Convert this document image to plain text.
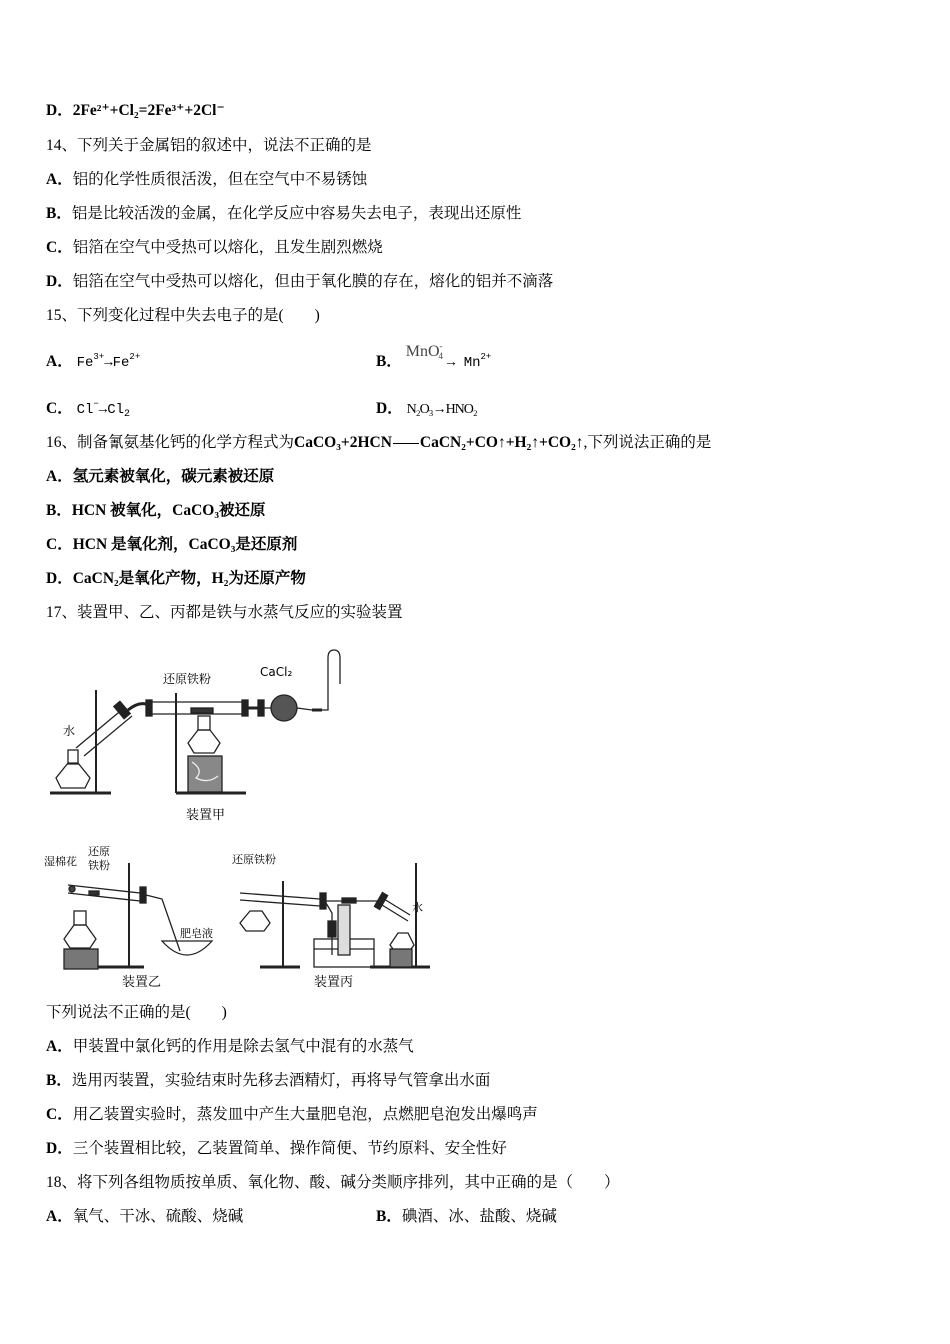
D．2Fe²⁺+Cl₂=2Fe³⁺+2Cl⁻
14、下列关于金属铝的叙述中，说法不正确的是
A．铝的化学性质很活泼，但在空气中不易锈蚀
B．铝是比较活泼的金属，在化学反应中容易失去电子，表现出还原性
C．铝箔在空气中受热可以熔化，且发生剧烈燃烧
D．铝箔在空气中受热可以熔化，但由于氧化膜的存在，熔化的铝并不滴落
15、下列变化过程中失去电子的是(　　)
A． $Fe^{3+}\to Fe^{2+}$	B． $MnO^-_4 \to Mn^{2+}$
C． $Cl^-\to Cl_2$	D． N₂O₃→HNO₂
16、制备氰氨基化钙的化学方程式为CaCO₃+2HCN CaCN₂+CO↑+H₂↑+CO₂↑,下列说法正确的是
A．氢元素被氧化，碳元素被还原
B．HCN 被氧化，CaCO₃被还原
C．HCN 是氧化剂，CaCO₃是还原剂
D．CaCN₂是氧化产物，H₂为还原产物
17、装置甲、乙、丙都是铁与水蒸气反应的实验装置
还原铁粉	CaCl₂
水
装置甲
湿棉花
还原
铁粉
肥皂液
装置乙
还原铁粉
水
装置丙
下列说法不正确的是(　　)
A．甲装置中氯化钙的作用是除去氢气中混有的水蒸气
B．选用丙装置，实验结束时先移去酒精灯，再将导气管拿出水面
C．用乙装置实验时，蒸发皿中产生大量肥皂泡，点燃肥皂泡发出爆鸣声
D．三个装置相比较，乙装置简单、操作简便、节约原料、安全性好
18、将下列各组物质按单质、氧化物、酸、碱分类顺序排列，其中正确的是（　　）
A．氧气、干冰、硫酸、烧碱	B．碘酒、冰、盐酸、烧碱
